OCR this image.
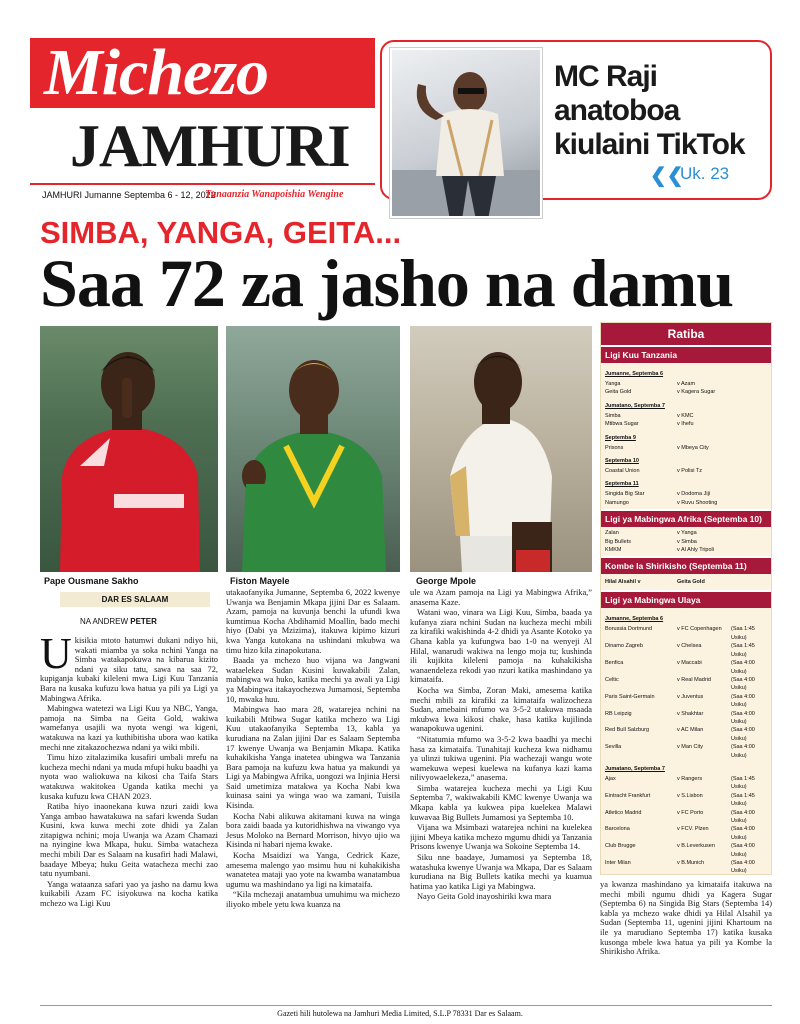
Michezo
JAMHURI
JAMHURI Jumanne Septemba 6 - 12, 2022
Tunaanzia Wanapoishia Wengine
MC Raji anatoboa kiulaini TikTok
❮❮
Uk. 23
SIMBA, YANGA, GEITA...
Saa 72 za jasho na damu
Pape Ousmane Sakho	Fiston Mayele	George Mpole
DAR ES SALAAM
NA ANDREW PETER

Ukisikia mtoto hatumwi dukani ndiyo hii, wakati miamba ya soka nchini Yanga na Simba watakapokuwa na kibarua kizito ndani ya siku tatu, sawa na saa 72, kupiganja kubaki kileleni mwa Ligi Kuu Tanzania Bara na kusaka kufuzu kwa hatua ya pili ya Ligi ya Mabingwa Afrika.

Mabingwa watetezi wa Ligi Kuu ya NBC, Yanga, pamoja na Simba na Geita Gold, wakiwa wamefanya usajili wa nyota wengi wa kigeni, watakuwa na kazi ya kuthibitisha ubora wao katika mechi nne zitakazochezwa ndani ya wiki mbili.

Timu hizo zitalazimika kusafiri umbali mrefu na kucheza mechi ndani ya muda mfupi huku baadhi ya nyota wao waliokuwa na kikosi cha Taifa Stars watakuwa wakitokea Uganda katika mechi ya kusaka kufuzu kwa CHAN 2023.

Ratiba hiyo inaonekana kuwa nzuri zaidi kwa Yanga ambao hawatakuwa na safari kwenda Sudan Kusini, kwa kuwa mechi zote dhidi ya Zalan zitapigwa nchini; moja Uwanja wa Azam Chamazi na nyingine kwa Mkapa, huku. Simba watacheza mechi mbili Dar es Salaam na kusafiri hadi Malawi, baadaye Mbeya; huku Geita watacheza mechi zao tatu nyumbani.

Yanga wataanza safari yao ya jasho na damu kwa kuikabili Azam FC isiyokuwa na kocha katika mchezo wa Ligi Kuu

utakaofanyika Jumanne, Septemba 6, 2022 kwenye Uwanja wa Benjamin Mkapa jijini Dar es Salaam. Azam, pamoja na kuvunja benchi la ufundi kwa kumtimua Kocha Abdihamid Moallin, bado mechi hiyo (Dabi ya Mzizima), itakuwa kipimo kizuri kwa Yanga kutokana na ushindani mkubwa wa timu hizo kila zinapokutana.

Baada ya mchezo huo vijana wa Jangwani wataelekea Sudan Kusini kuwakabili Zalan, mabingwa wa huko, katika mechi ya awali ya Ligi ya Mabingwa itakayochezwa Jumamosi, Septemba 10, mwaka huu.

Mabingwa hao mara 28, watarejea nchini na kuikabili Mtibwa Sugar katika mchezo wa Ligi Kuu utakaofanyika Septemba 13, kabla ya kurudiana na Zalan jijini Dar es Salaam Septemba 17 kwenye Uwanja wa Benjamin Mkapa. Katika kuhakikisha Yanga inatetea ubingwa wa Tanzania Bara pamoja na kufuzu kwa hatua ya makundi ya Ligi ya Mabingwa Afrika, uongozi wa Injinia Hersi Said umetimiza matakwa ya Kocha Nabi kwa kuinasa saini ya winga wao wa zamani, Tuisila Kisinda.

Kocha Nabi alikuwa akitamani kuwa na winga bora zaidi baada ya kutoridhishwa na viwango vya Jesus Moloko na Bernard Morrison, hivyo ujio wa Kisinda ni habari njema kwake.

Kocha Msaidizi wa Yanga, Cedrick Kaze, amesema malengo yao msimu huu ni kuhakikisha wanatetea mataji yao yote na kwamba wanatambua ugumu wa mashindano ya ligi na kimataifa.

“Kila mchezaji anatambua umuhimu wa michezo iliyoko mbele yetu kwa kuanza na

ule wa Azam pamoja na Ligi ya Mabingwa Afrika,” anasema Kaze.

Watani wao, vinara wa Ligi Kuu, Simba, baada ya kufanya ziara nchini Sudan na kucheza mechi mbili za kirafiki wakishinda 4-2 dhidi ya Asante Kotoko ya Ghana kabla ya kufungwa bao 1-0 na wenyeji Al Hilal, wanarudi wakiwa na lengo moja tu; kushinda ili kujikita kileleni pamoja na kuhakikisha wanaendeleza rekodi yao nzuri katika mashindano ya kimataifa.

Kocha wa Simba, Zoran Maki, amesema katika mechi mbili za kirafiki za kimataifa walizocheza Sudan, amebaini mfumo wa 3-5-2 utakuwa msaada mkubwa kwa kikosi chake, hasa katika kujilinda wanapokuwa ugenini.

“Nitatumia mfumo wa 3-5-2 kwa baadhi ya mechi hasa za kimataifa. Tunahitaji kucheza kwa nidhamu ya ulinzi tukiwa ugenini. Pia wachezaji wangu wote wamekuwa wepesi kuelewa na kufanya kazi kama nilivyowaelekeza,” anasema.

Simba watarejea kucheza mechi ya Ligi Kuu Septemba 7, wakiwakabili KMC kwenye Uwanja wa Mkapa kabla ya kukwea pipa kuelekea Malawi kuwavaa Big Bullets Jumamosi ya Septemba 10.

Vijana wa Msimbazi watarejea nchini na kuelekea jijini Mbeya katika mchezo mgumu dhidi ya Tanzania Prisons kwenye Uwanja wa Sokoine Septemba 14.

Siku nne baadaye, Jumamosi ya Septemba 18, watashuka kwenye Uwanja wa Mkapa, Dar es Salaam kurudiana na Big Bullets katika mechi ya kuamua hatima yao katika Ligi ya Mabingwa.

Nayo Geita Gold inayoshiriki kwa mara

ya kwanza mashindano ya kimataifa itakuwa na mechi mbili ngumu dhidi ya Kagera Sugar (Septemba 6) na Singida Big Stars (Septemba 14) kabla ya mchezo wake dhidi ya Hilal Alsahil ya Sudan (Septemba 11, ugenini jijini Khartoum na ile ya marudiano Septemba 17) katika kusaka kusonga mbele kwa hatua ya pili ya Kombe la Shirikisho Afrika.

Ratiba
Ligi Kuu Tanzania
Jumanne, Septemba 6
Yanga	v Azam
Geita Gold	v Kagera Sugar
Jumatano, Septemba 7
Simba	v KMC
Mtibwa Sugar	v Ihefu
Septemba 9
Prisons	v Mbeya City
Septemba 10
Coastal Union	v Polisi Tz
Septemba 11
Singida Big Star	v Dodoma Jiji
Namungo	v Ruvu Shooting
Ligi ya Mabingwa Afrika (Septemba 10)
Zalan	v Yanga
Big Bullets	v Simba
KMKM	v Al Ahly Tripoli
Kombe la Shirikisho (Septemba 11)
Hilal Alsahil v	Geita Gold
Ligi ya Mabingwa Ulaya
Jumanne, Septemba 6
Borussia Dortmund	v FC Copenhagen	(Saa 1:45 Usiku)
Dinamo Zagreb	v Chelsea	(Saa 1:45 Usiku)
Benfica	v Maccabi	(Saa 4:00 Usiku)
Celtic	v Real Madrid	(Saa 4:00 Usiku)
Paris Saint-Germain	v Juventus	(Saa 4:00 Usiku)
RB Leipzig	v Shakhtar	(Saa 4:00 Usiku)
Red Bull Salzburg	v AC Milan	(Saa 4:00 Usiku)
Sevilla	v Man City	(Saa 4:00 Usiku)
Jumatano, Septemba 7
Ajax	v Rangers	(Saa 1:45 Usiku)
Eintracht Frankfurt	v S.Lisbon	(Saa 1:45 Usiku)
Atletico Madrid	v FC Porto	(Saa 4:00 Usiku)
Barcelona	v FCV. Plzen	(Saa 4:00 Usiku)
Club Brugge	v B.Leverkusen	(Saa 4:00 Usiku)
Inter Milan	v B.Munich	(Saa 4:00 Usiku)
Gazeti hili hutolewa na Jamhuri Media Limited, S.L.P 78331 Dar es Salaam.
